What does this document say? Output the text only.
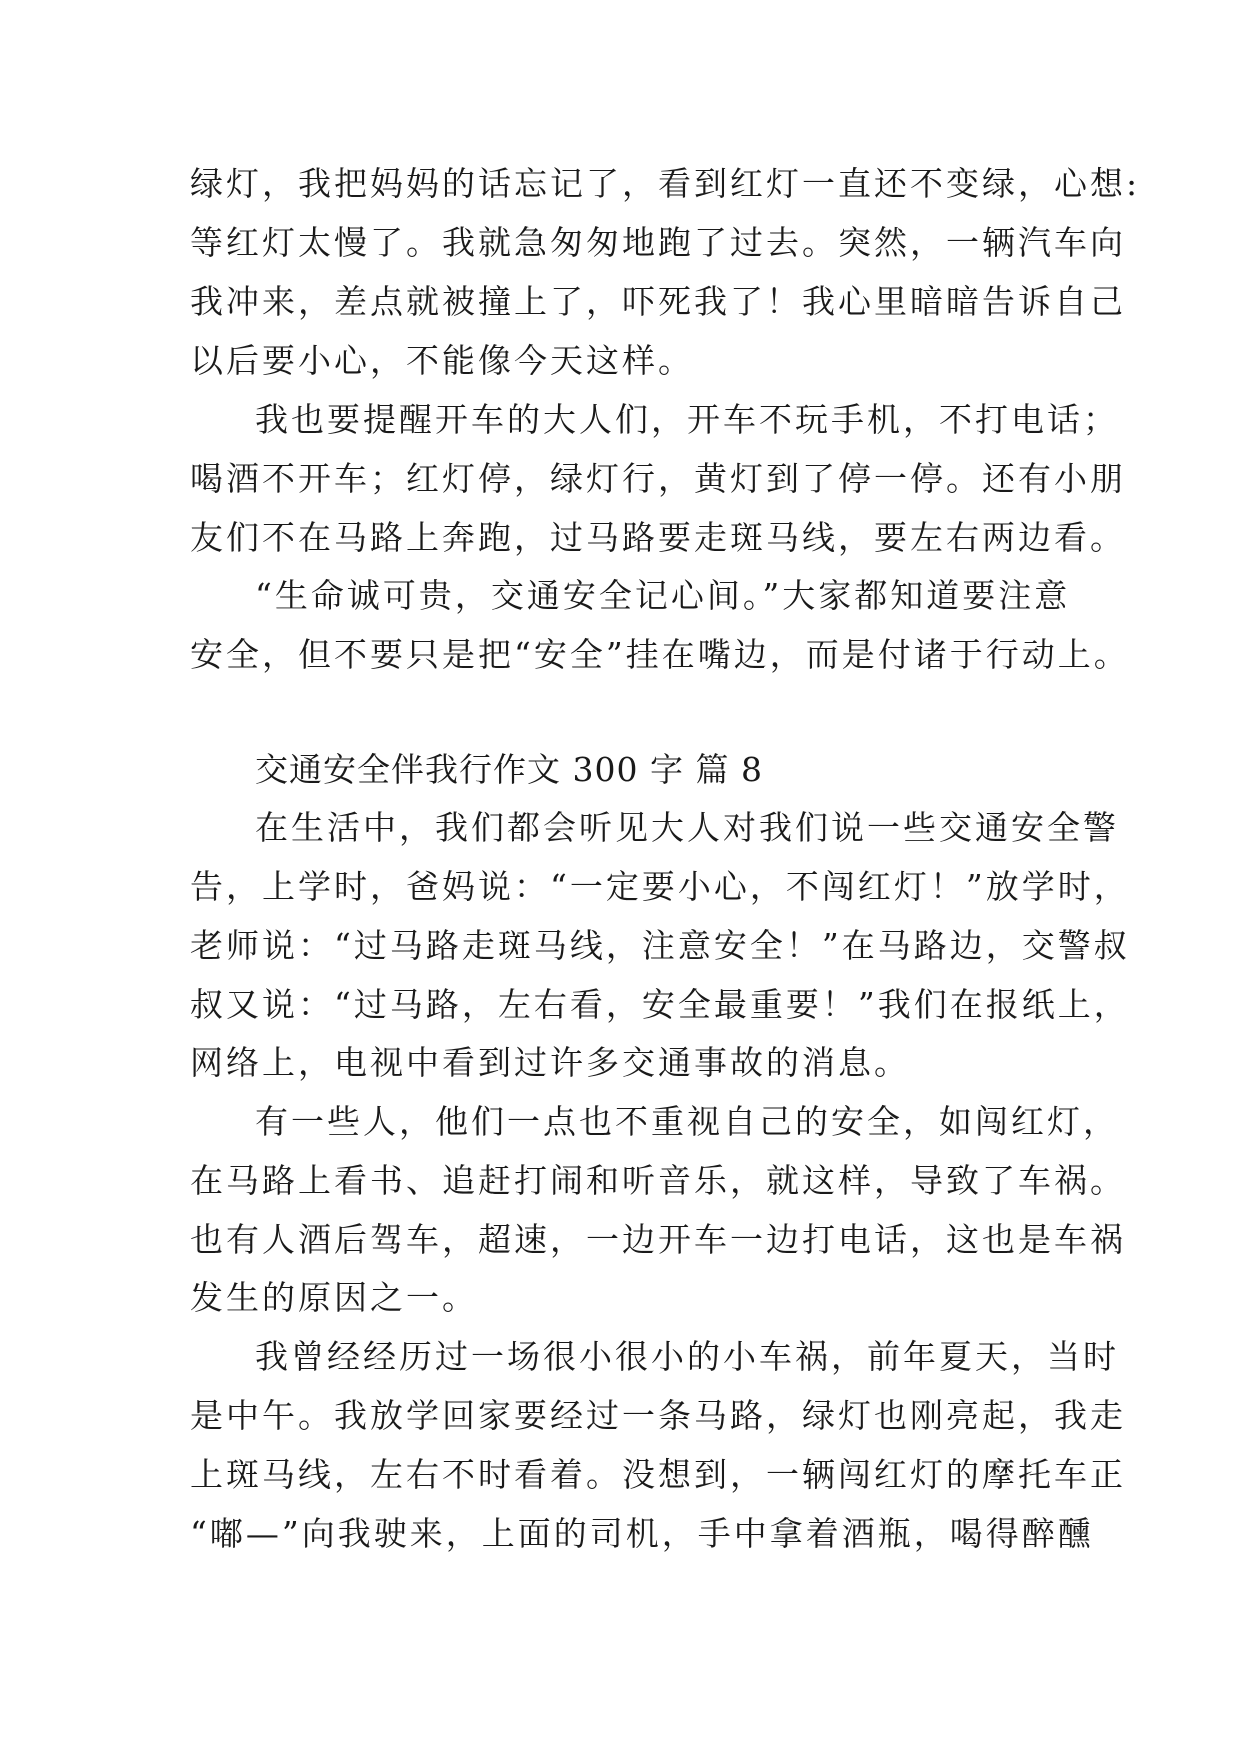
绿灯，我把妈妈的话忘记了，看到红灯一直还不变绿，心想:
等红灯太慢了。我就急匆匆地跑了过去。突然，一辆汽车向
我冲来，差点就被撞上了，吓死我了！我心里暗暗告诉自己
以后要小心，不能像今天这样。
我也要提醒开车的大人们，开车不玩手机，不打电话；
喝酒不开车；红灯停，绿灯行，黄灯到了停一停。还有小朋
友们不在马路上奔跑，过马路要走斑马线，要左右两边看。
“生命诚可贵，交通安全记心间。”大家都知道要注意
安全，但不要只是把“安全”挂在嘴边，而是付诸于行动上。
交通安全伴我行作文 300 字 篇 8
在生活中，我们都会听见大人对我们说一些交通安全警
告，上学时，爸妈说：“一定要小心，不闯红灯！”放学时，
老师说：“过马路走斑马线，注意安全！”在马路边，交警叔
叔又说：“过马路，左右看，安全最重要！”我们在报纸上，
网络上，电视中看到过许多交通事故的消息。
有一些人，他们一点也不重视自己的安全，如闯红灯，
在马路上看书、追赶打闹和听音乐，就这样，导致了车祸。
也有人酒后驾车，超速，一边开车一边打电话，这也是车祸
发生的原因之一。
我曾经经历过一场很小很小的小车祸，前年夏天，当时
是中午。我放学回家要经过一条马路，绿灯也刚亮起，我走
上斑马线，左右不时看着。没想到，一辆闯红灯的摩托车正
“嘟—”向我驶来，上面的司机，手中拿着酒瓶，喝得醉醺
